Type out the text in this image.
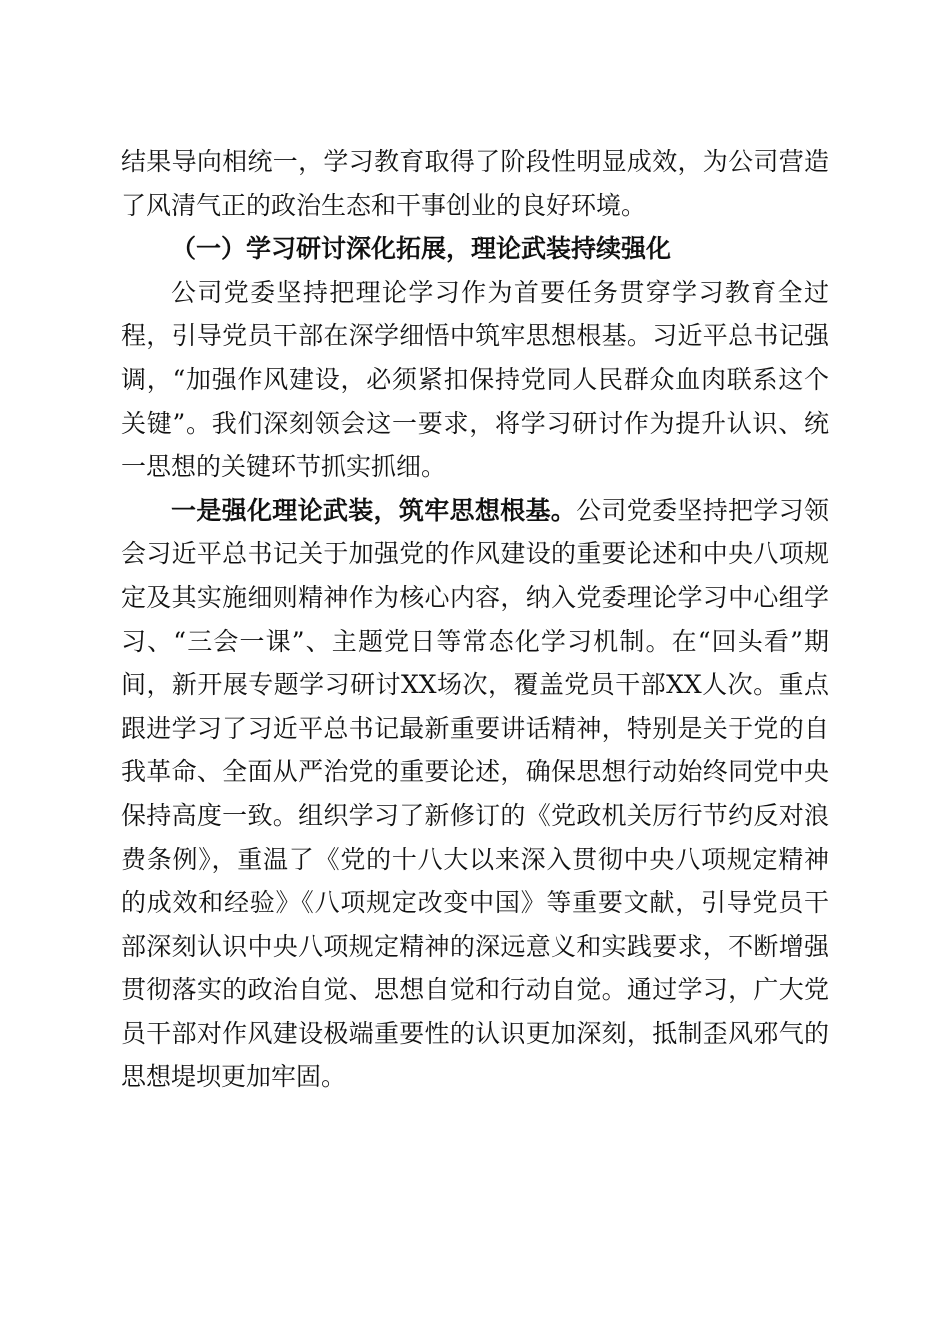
结果导向相统一，学习教育取得了阶段性明显成效，为公司营造了风清气正的政治生态和干事创业的良好环境。

（一）学习研讨深化拓展，理论武装持续强化

公司党委坚持把理论学习作为首要任务贯穿学习教育全过程，引导党员干部在深学细悟中筑牢思想根基。习近平总书记强调，“加强作风建设，必须紧扣保持党同人民群众血肉联系这个关键”。我们深刻领会这一要求，将学习研讨作为提升认识、统一思想的关键环节抓实抓细。

一是强化理论武装，筑牢思想根基。公司党委坚持把学习领会习近平总书记关于加强党的作风建设的重要论述和中央八项规定及其实施细则精神作为核心内容，纳入党委理论学习中心组学习、“三会一课”、主题党日等常态化学习机制。在“回头看”期间，新开展专题学习研讨XX场次，覆盖党员干部XX人次。重点跟进学习了习近平总书记最新重要讲话精神，特别是关于党的自我革命、全面从严治党的重要论述，确保思想行动始终同党中央保持高度一致。组织学习了新修订的《党政机关厉行节约反对浪费条例》，重温了《党的十八大以来深入贯彻中央八项规定精神的成效和经验》《八项规定改变中国》等重要文献，引导党员干部深刻认识中央八项规定精神的深远意义和实践要求，不断增强贯彻落实的政治自觉、思想自觉和行动自觉。通过学习，广大党员干部对作风建设极端重要性的认识更加深刻，抵制歪风邪气的思想堤坝更加牢固。
